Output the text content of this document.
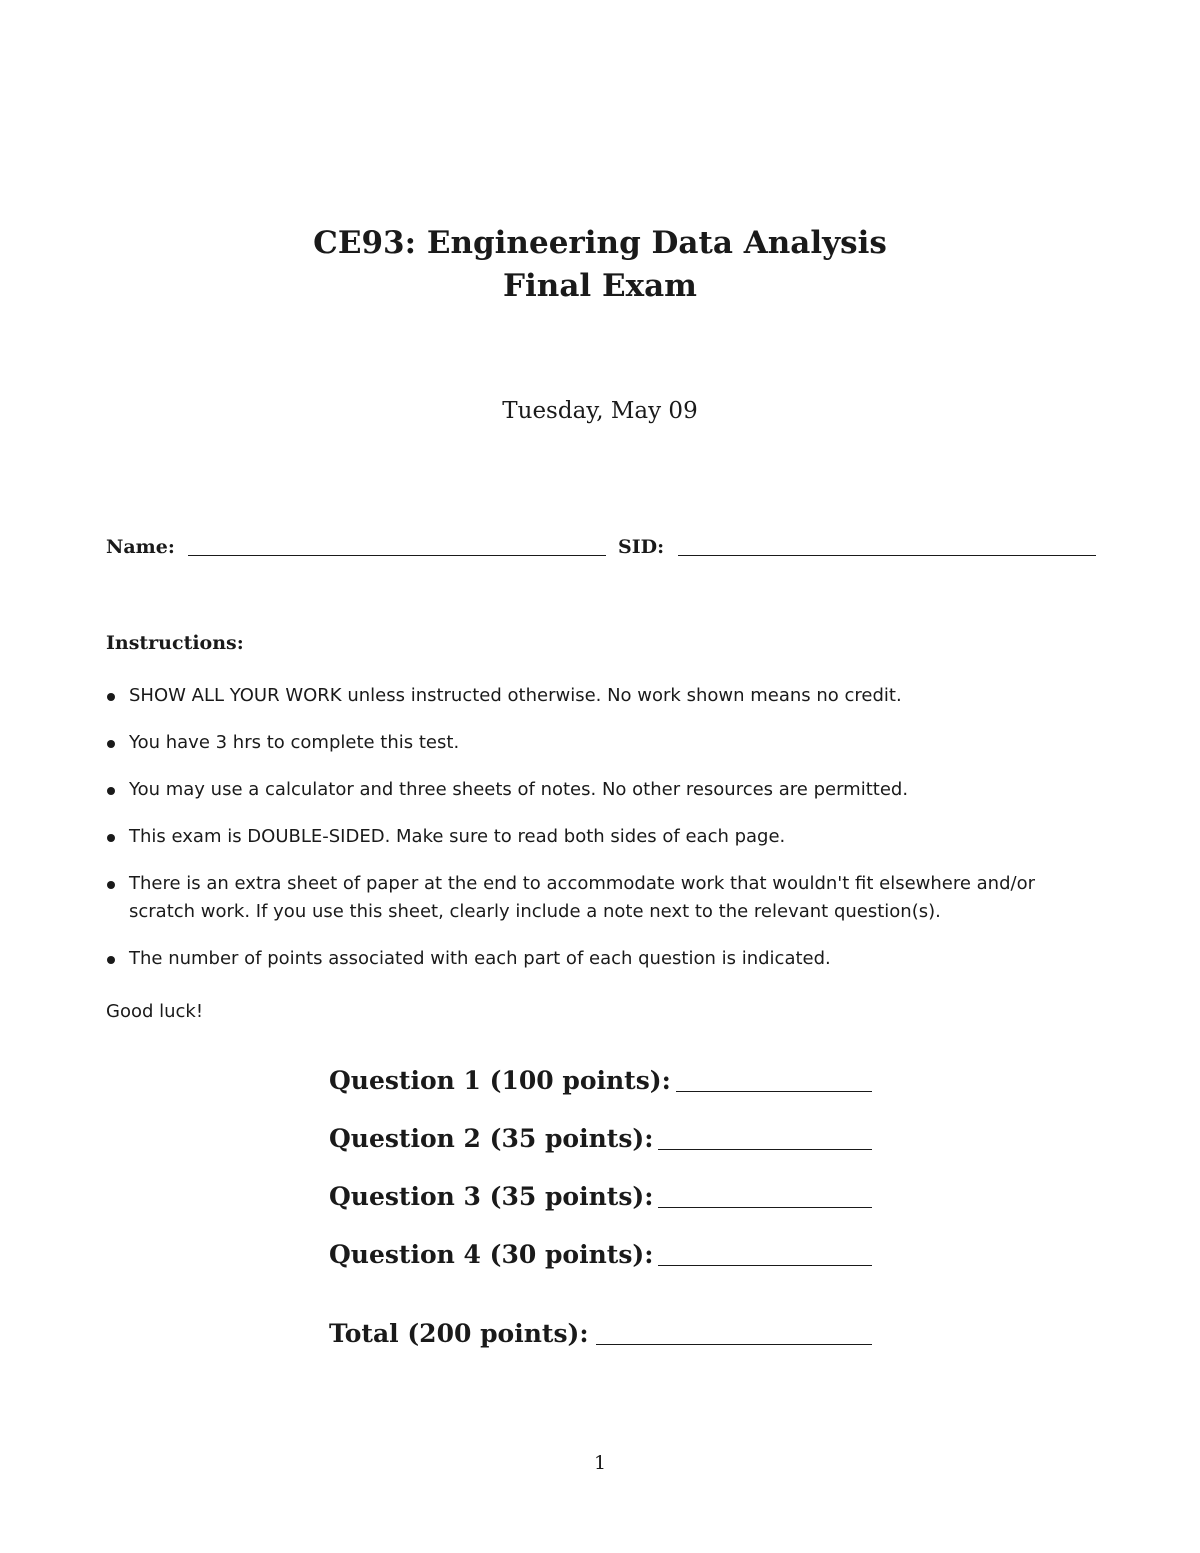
CE93: Engineering Data Analysis
Final Exam
Tuesday, May 09
Name:	SID:
Instructions:
SHOW ALL YOUR WORK unless instructed otherwise. No work shown means no credit.
You have 3 hrs to complete this test.
You may use a calculator and three sheets of notes. No other resources are permitted.
This exam is DOUBLE-SIDED. Make sure to read both sides of each page.
There is an extra sheet of paper at the end to accommodate work that wouldn't fit elsewhere and/or scratch work. If you use this sheet, clearly include a note next to the relevant question(s).
The number of points associated with each part of each question is indicated.
Good luck!
Question 1 (100 points):
Question 2 (35 points):
Question 3 (35 points):
Question 4 (30 points):
Total (200 points):
1
